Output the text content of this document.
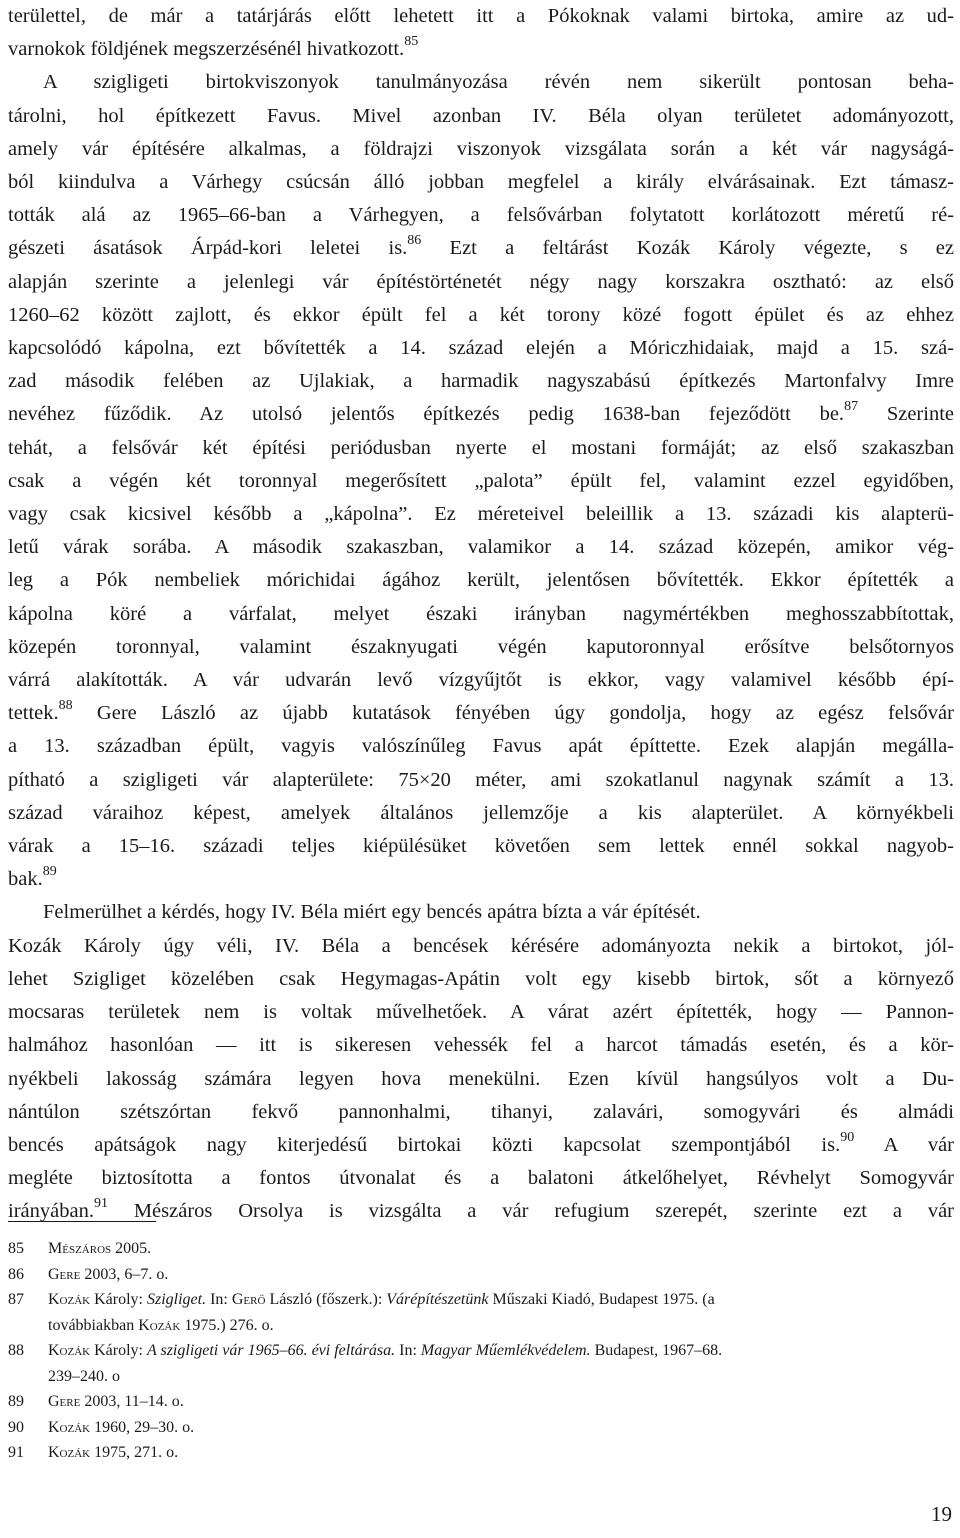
területtel, de már a tatárjárás előtt lehetett itt a Pókoknak valami birtoka, amire az ud-
varnokok földjének megszerzésénél hivatkozott.$^{85}$
A szigligeti birtokviszonyok tanulmányozása révén nem sikerült pontosan beha-
tárolni, hol építkezett Favus. Mivel azonban IV. Béla olyan területet adományozott,
amely vár építésére alkalmas, a földrajzi viszonyok vizsgálata során a két vár nagyságá-
ból kiindulva a Várhegy csúcsán álló jobban megfelel a király elvárásainak. Ezt támasz-
tották alá az 1965–66-ban a Várhegyen, a felsővárban folytatott korlátozott méretű ré-
gészeti ásatások Árpád-kori leletei is.$^{86}$ Ezt a feltárást Kozák Károly végezte, s ez
alapján szerinte a jelenlegi vár építéstörténetét négy nagy korszakra osztható: az első
1260–62 között zajlott, és ekkor épült fel a két torony közé fogott épület és az ehhez
kapcsolódó kápolna, ezt bővítették a 14. század elején a Móriczhidaiak, majd a 15. szá-
zad második felében az Ujlakiak, a harmadik nagyszabású építkezés Martonfalvy Imre
nevéhez fűződik. Az utolsó jelentős építkezés pedig 1638-ban fejeződött be.$^{87}$ Szerinte
tehát, a felsővár két építési periódusban nyerte el mostani formáját; az első szakaszban
csak a végén két toronnyal megerősített „palota” épült fel, valamint ezzel egyidőben,
vagy csak kicsivel később a „kápolna”. Ez méreteivel beleillik a 13. századi kis alapterü-
letű várak sorába. A második szakaszban, valamikor a 14. század közepén, amikor vég-
leg a Pók nembeliek mórichidai ágához került, jelentősen bővítették. Ekkor építették a
kápolna köré a várfalat, melyet északi irányban nagymértékben meghosszabbítottak,
közepén toronnyal, valamint északnyugati végén kaputoronnyal erősítve belsőtornyos
várrá alakították. A vár udvarán levő vízgyűjtőt is ekkor, vagy valamivel később épí-
tettek.$^{88}$ Gere László az újabb kutatások fényében úgy gondolja, hogy az egész felsővár
a 13. században épült, vagyis valószínűleg Favus apát építtette. Ezek alapján megálla-
pítható a szigligeti vár alapterülete: 75×20 méter, ami szokatlanul nagynak számít a 13.
század váraihoz képest, amelyek általános jellemzője a kis alapterület. A környékbeli
várak a 15–16. századi teljes kiépülésüket követően sem lettek ennél sokkal nagyob-
bak.$^{89}$
Felmerülhet a kérdés, hogy IV. Béla miért egy bencés apátra bízta a vár építését.
Kozák Károly úgy véli, IV. Béla a bencések kérésére adományozta nekik a birtokot, jól-
lehet Szigliget közelében csak Hegymagas-Apátin volt egy kisebb birtok, sőt a környező
mocsaras területek nem is voltak művelhetőek. A várat azért építették, hogy — Pannon-
halmához hasonlóan — itt is sikeresen vehessék fel a harcot támadás esetén, és a kör-
nyékbeli lakosság számára legyen hova menekülni. Ezen kívül hangsúlyos volt a Du-
nántúlon szétszórtan fekvő pannonhalmi, tihanyi, zalavári, somogyvári és almádi
bencés apátságok nagy kiterjedésű birtokai közti kapcsolat szempontjából is.$^{90}$ A vár
megléte biztosította a fontos útvonalat és a balatoni átkelőhelyet, Révhelyt Somogyvár
irányában.$^{91}$ Mészáros Orsolya is vizsgálta a vár refugium szerepét, szerinte ezt a vár
85	Mészáros 2005.
86	Gere 2003, 6–7. o.
87	Kozák Károly: Szigliget. In: Gerő László (főszerk.): Várépítészetünk Műszaki Kiadó, Budapest 1975. (a
továbbiakban Kozák 1975.) 276. o.
88	Kozák Károly: A szigligeti vár 1965–66. évi feltárása. In: Magyar Műemlékvédelem. Budapest, 1967–68.
239–240. o
89	Gere 2003, 11–14. o.
90	Kozák 1960, 29–30. o.
91	Kozák 1975, 271. o.
19
